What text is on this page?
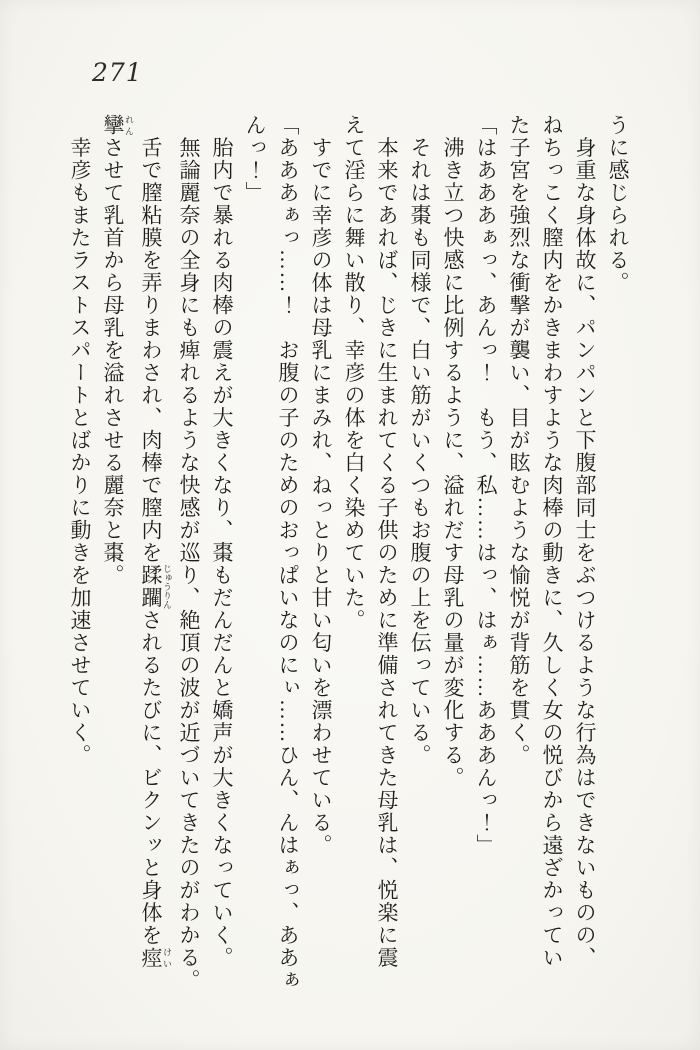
271
うに感じられる。
　身重な身体故に、パンパンと下腹部同士をぶつけるような行為はできないものの、
ねちっこく膣内をかきまわすような肉棒の動きに、久しく女の悦びから遠ざかってい
た子宮を強烈な衝撃が襲い、目が眩むような愉悦が背筋を貫く。
「はあああぁっ、あんっ！　もう、私……はっ、はぁ……あああんっ！」
　沸き立つ快感に比例するように、溢れだす母乳の量が変化する。
　それは棗も同様で、白い筋がいくつもお腹の上を伝っている。
　本来であれば、じきに生まれてくる子供のために準備されてきた母乳は、悦楽に震
えて淫らに舞い散り、幸彦の体を白く染めていた。
　すでに幸彦の体は母乳にまみれ、ねっとりと甘い匂いを漂わせている。
「あああぁっ……！　お腹の子のためのおっぱいなのにぃ……ひん、んはぁっ、ああぁ
んっ！」
　胎内で暴れる肉棒の震えが大きくなり、棗もだんだんと嬌声が大きくなっていく。
　無論麗奈の全身にも痺れるような快感が巡り、絶頂の波が近づいてきたのがわかる。
　舌で膣粘膜を弄りまわされ、肉棒で膣内を蹂躙 じゅうりんされるたびに、ビクンッと身体を痙 けい
攣 れんさせて乳首から母乳を溢れさせる麗奈と棗。
　幸彦もまたラストスパートとばかりに動きを加速させていく。
